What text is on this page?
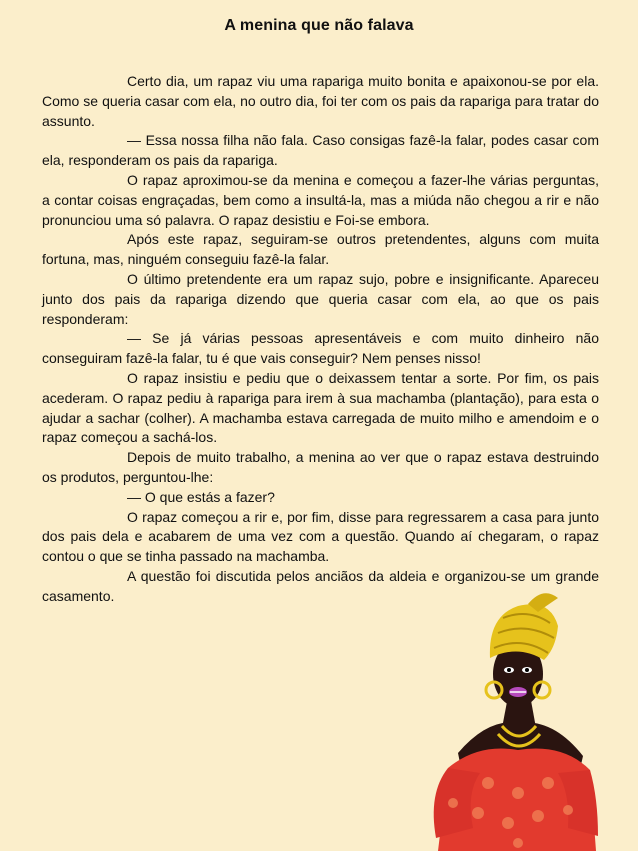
A menina que não falava

Certo dia, um rapaz viu uma rapariga muito bonita e apaixonou-se por ela. Como se queria casar com ela, no outro dia, foi ter com os pais da rapariga para tratar do assunto.

— Essa nossa filha não fala. Caso consigas fazê-la falar, podes casar com ela, responderam os pais da rapariga.

O rapaz aproximou-se da menina e começou a fazer-lhe várias perguntas, a contar coisas engraçadas, bem como a insultá-la, mas a miúda não chegou a rir e não pronunciou uma só palavra. O rapaz desistiu e Foi-se embora.

Após este rapaz, seguiram-se outros pretendentes, alguns com muita fortuna, mas, ninguém conseguiu fazê-la falar.

O último pretendente era um rapaz sujo, pobre e insignificante. Apareceu junto dos pais da rapariga dizendo que queria casar com ela, ao que os pais responderam:

— Se já várias pessoas apresentáveis e com muito dinheiro não conseguiram fazê-la falar, tu é que vais conseguir? Nem penses nisso!

O rapaz insistiu e pediu que o deixassem tentar a sorte. Por fim, os pais acederam. O rapaz pediu à rapariga para irem à sua machamba (plantação), para esta o ajudar a sachar (colher). A machamba estava carregada de muito milho e amendoim e o rapaz começou a sachá-los.

Depois de muito trabalho, a menina ao ver que o rapaz estava destruindo os produtos, perguntou-lhe:

— O que estás a fazer?

O rapaz começou a rir e, por fim, disse para regressarem a casa para junto dos pais dela e acabarem de uma vez com a questão. Quando aí chegaram, o rapaz contou o que se tinha passado na machamba.

A questão foi discutida pelos anciãos da aldeia e organizou-se um grande casamento.
